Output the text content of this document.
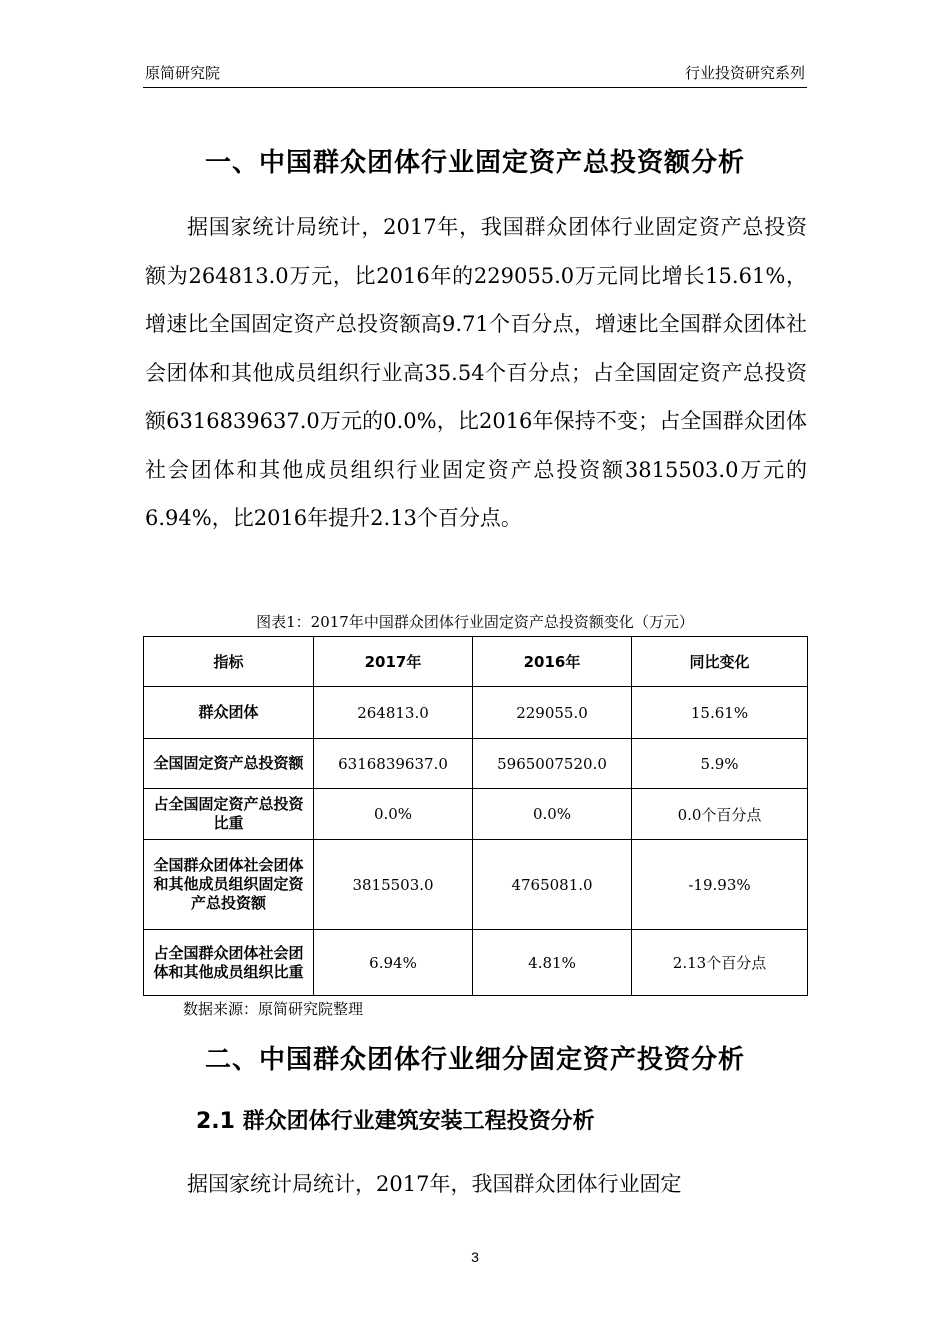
原简研究院	行业投资研究系列
一、中国群众团体行业固定资产总投资额分析

据国家统计局统计，2017年，我国群众团体行业固定资产总投资额为264813.0万元，比2016年的229055.0万元同比增长15.61%，增速比全国固定资产总投资额高9.71个百分点，增速比全国群众团体社会团体和其他成员组织行业高35.54个百分点；占全国固定资产总投资额6316839637.0万元的0.0%，比2016年保持不变；占全国群众团体社会团体和其他成员组织行业固定资产总投资额3815503.0万元的6.94%，比2016年提升2.13个百分点。

图表1：2017年中国群众团体行业固定资产总投资额变化（万元）
指标	2017年	2016年	同比变化
群众团体	264813.0	229055.0	15.61%
全国固定资产总投资额	6316839637.0	5965007520.0	5.9%
占全国固定资产总投资比重	0.0%	0.0%	0.0个百分点
全国群众团体社会团体和其他成员组织固定资产总投资额	3815503.0	4765081.0	-19.93%
占全国群众团体社会团体和其他成员组织比重	6.94%	4.81%	2.13个百分点
数据来源：原简研究院整理
二、中国群众团体行业细分固定资产投资分析
2.1 群众团体行业建筑安装工程投资分析

据国家统计局统计，2017年，我国群众团体行业固定

3
